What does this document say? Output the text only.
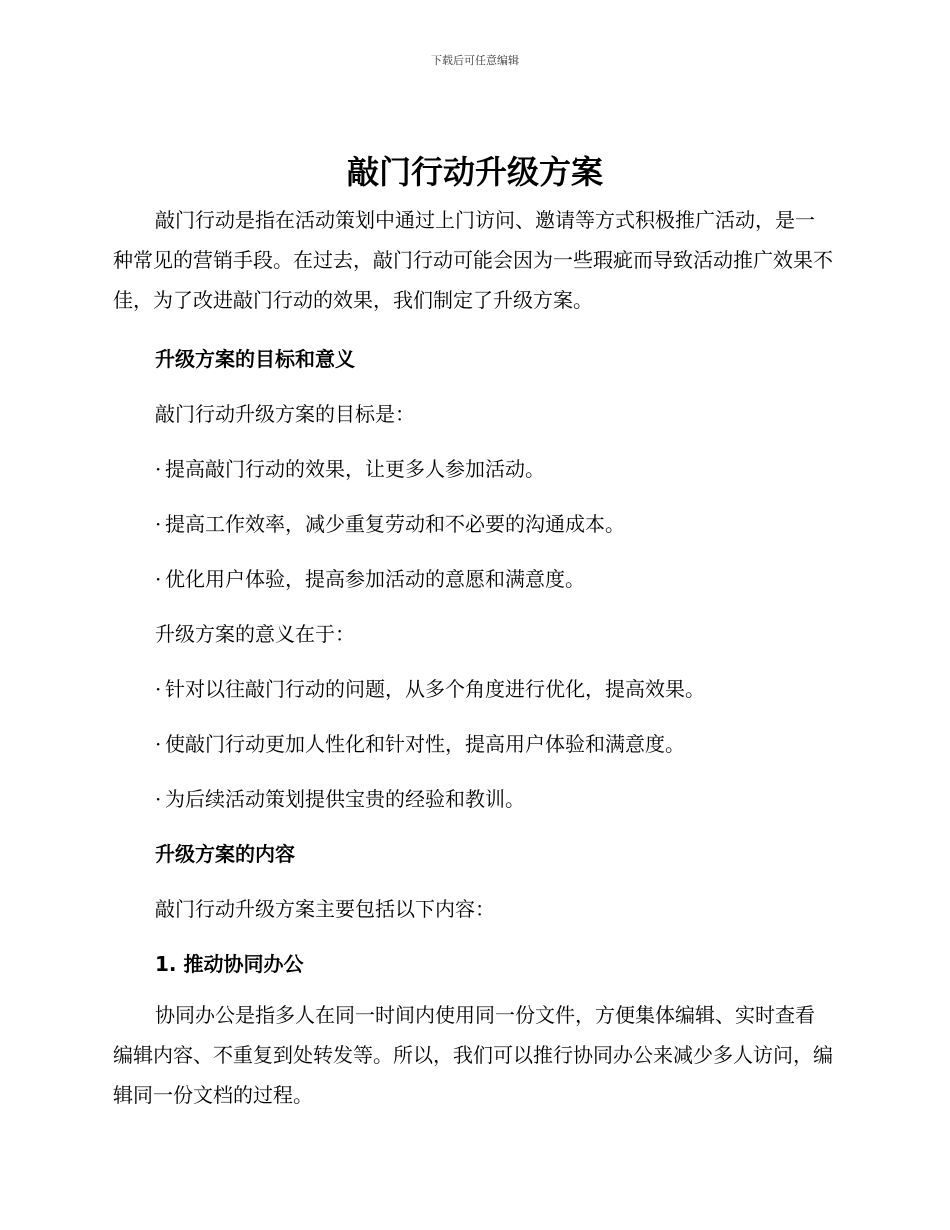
下载后可任意编辑
敲门行动升级方案

敲门行动是指在活动策划中通过上门访问、邀请等方式积极推广活动，是一种常见的营销手段。在过去，敲门行动可能会因为一些瑕疵而导致活动推广效果不佳，为了改进敲门行动的效果，我们制定了升级方案。

升级方案的目标和意义

敲门行动升级方案的目标是：

· 提高敲门行动的效果，让更多人参加活动。

· 提高工作效率，减少重复劳动和不必要的沟通成本。

· 优化用户体验，提高参加活动的意愿和满意度。

升级方案的意义在于：

· 针对以往敲门行动的问题，从多个角度进行优化，提高效果。

· 使敲门行动更加人性化和针对性，提高用户体验和满意度。

· 为后续活动策划提供宝贵的经验和教训。

升级方案的内容

敲门行动升级方案主要包括以下内容：

1. 推动协同办公

协同办公是指多人在同一时间内使用同一份文件，方便集体编辑、实时查看编辑内容、不重复到处转发等。所以，我们可以推行协同办公来减少多人访问，编辑同一份文档的过程。
